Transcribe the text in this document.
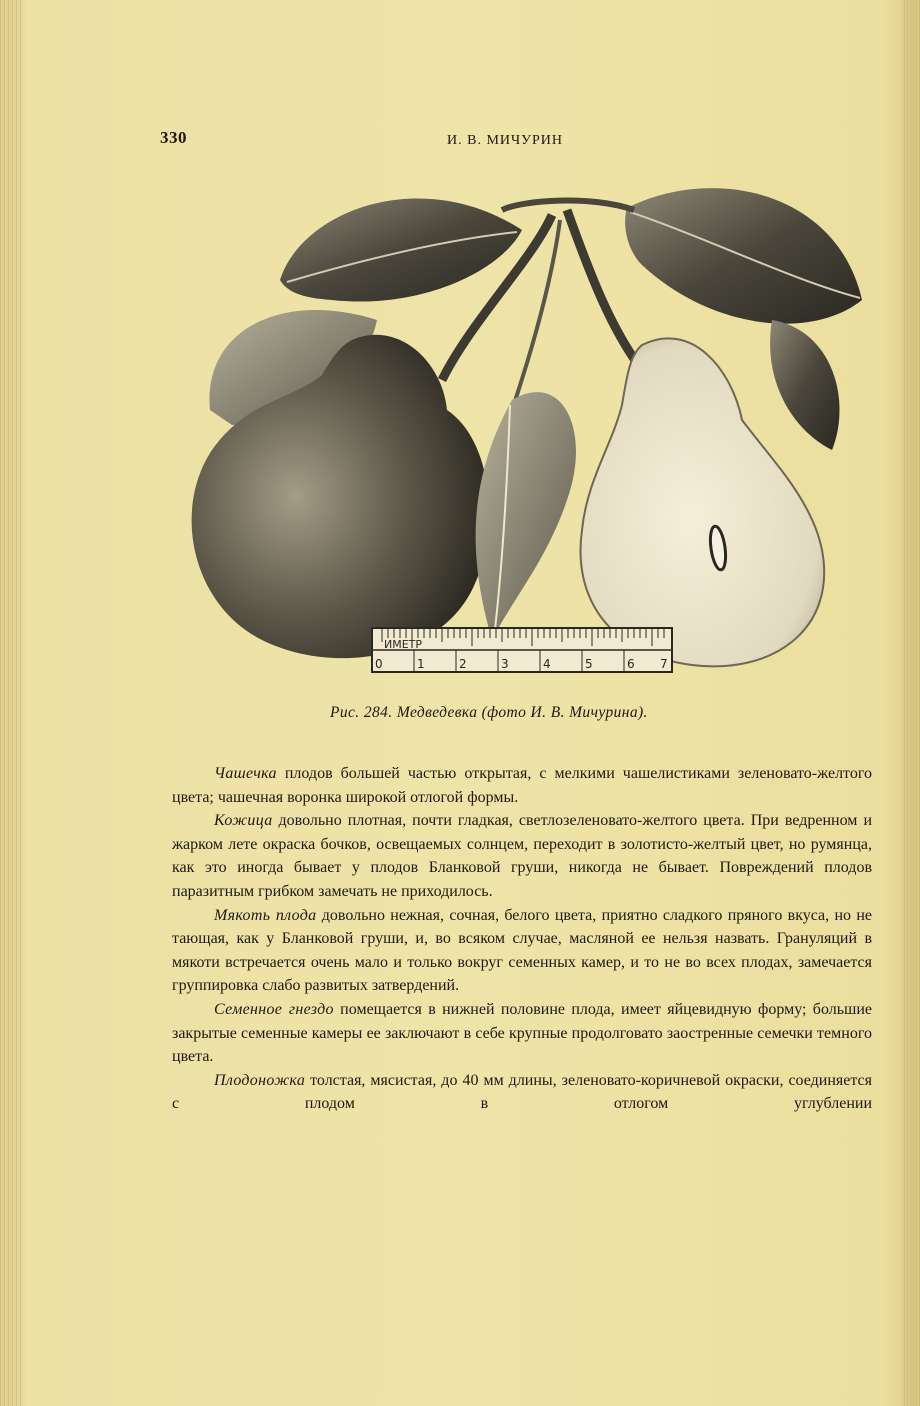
330	И. В. МИЧУРИН
ИМЕТР
0	1	2	3	4	5	6 7
Рис. 284. Медведевка (фото И. В. Мичурина).

Чашечка плодов большей частью открытая, с мелкими чашелистиками зеленовато-желтого цвета; чашечная воронка широкой отлогой формы.

Кожица довольно плотная, почти гладкая, светлозеленовато-желтого цвета. При ведренном и жарком лете окраска бочков, освещаемых солнцем, переходит в золотисто-желтый цвет, но румянца, как это иногда бывает у плодов Бланковой груши, никогда не бывает. Повреждений плодов паразитным грибком замечать не приходилось.

Мякоть плода довольно нежная, сочная, белого цвета, приятно сладкого пряного вкуса, но не тающая, как у Бланковой груши, и, во всяком случае, масляной ее нельзя назвать. Грануляций в мякоти встречается очень мало и только вокруг семенных камер, и то не во всех плодах, замечается группировка слабо развитых затвердений.

Семенное гнездо помещается в нижней половине плода, имеет яйцевидную форму; большие закрытые семенные камеры ее заключают в себе крупные продолговато заостренные семечки темного цвета.

Плодоножка толстая, мясистая, до 40 мм длины, зеленовато-коричневой окраски, соединяется с плодом в отлогом углублении
